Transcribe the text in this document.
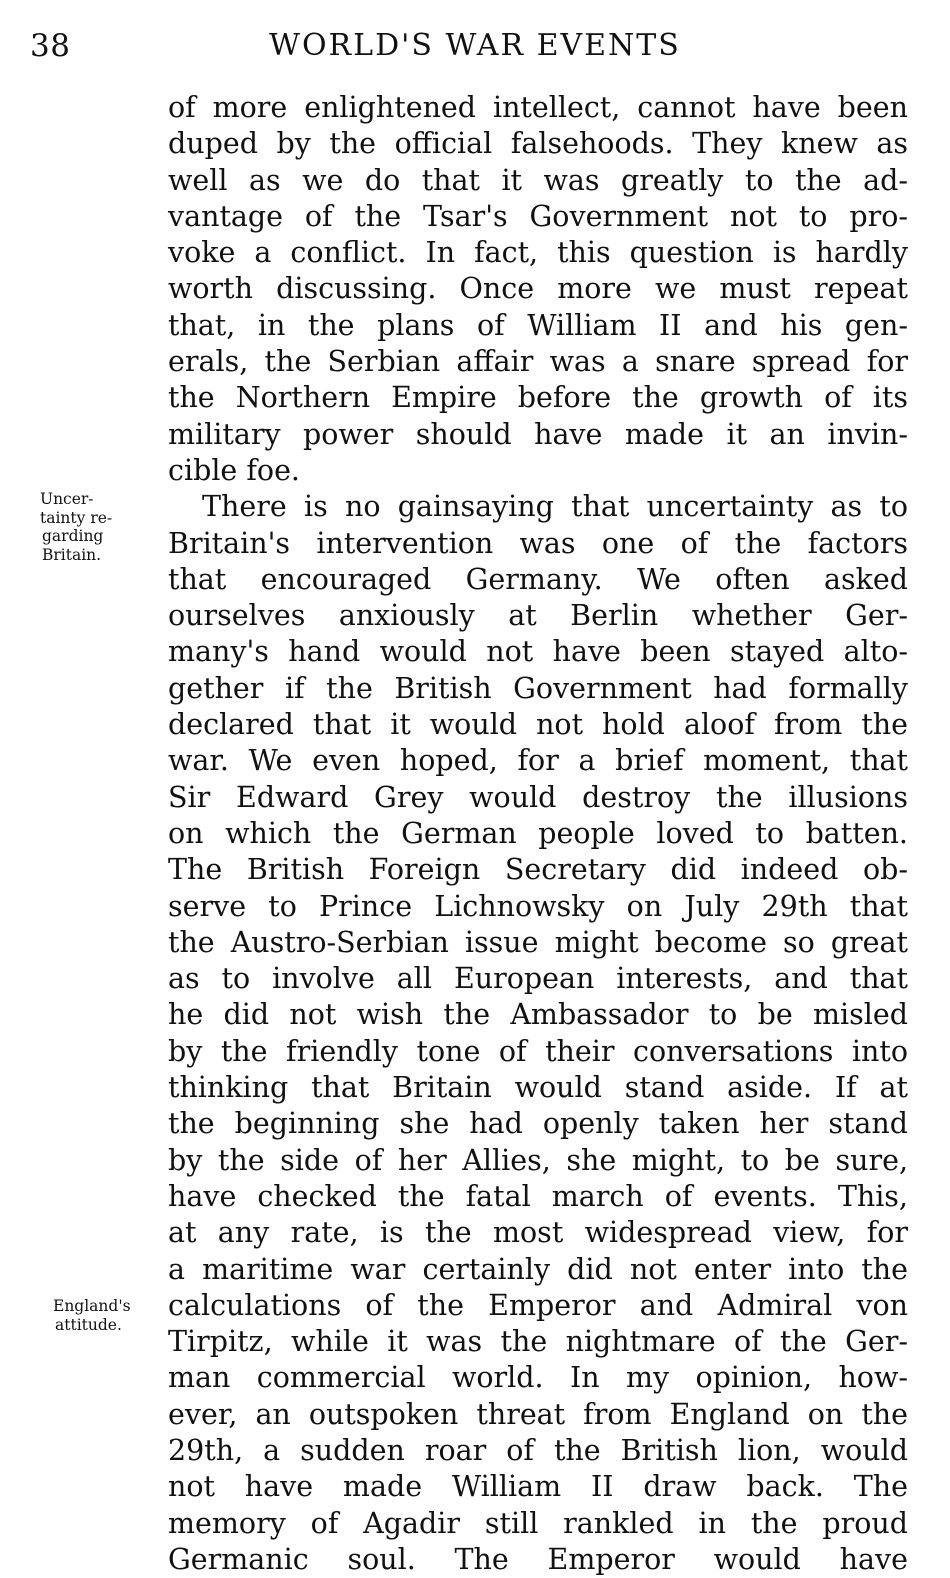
38	WORLD'S WAR EVENTS
Uncer-
tainty re-
garding
Britain.
England's
attitude.
of more enlightened intellect, cannot have been
duped by the official falsehoods. They knew as
well as we do that it was greatly to the ad-
vantage of the Tsar's Government not to pro-
voke a conflict. In fact, this question is hardly
worth discussing. Once more we must repeat
that, in the plans of William II and his gen-
erals, the Serbian affair was a snare spread for
the Northern Empire before the growth of its
military power should have made it an invin-
cible foe.
There is no gainsaying that uncertainty as to
Britain's intervention was one of the factors
that encouraged Germany. We often asked
ourselves anxiously at Berlin whether Ger-
many's hand would not have been stayed alto-
gether if the British Government had formally
declared that it would not hold aloof from the
war. We even hoped, for a brief moment, that
Sir Edward Grey would destroy the illusions
on which the German people loved to batten.
The British Foreign Secretary did indeed ob-
serve to Prince Lichnowsky on July 29th that
the Austro-Serbian issue might become so great
as to involve all European interests, and that
he did not wish the Ambassador to be misled
by the friendly tone of their conversations into
thinking that Britain would stand aside. If at
the beginning she had openly taken her stand
by the side of her Allies, she might, to be sure,
have checked the fatal march of events. This,
at any rate, is the most widespread view, for
a maritime war certainly did not enter into the
calculations of the Emperor and Admiral von
Tirpitz, while it was the nightmare of the Ger-
man commercial world. In my opinion, how-
ever, an outspoken threat from England on the
29th, a sudden roar of the British lion, would
not have made William II draw back. The
memory of Agadir still rankled in the proud
Germanic soul. The Emperor would have
